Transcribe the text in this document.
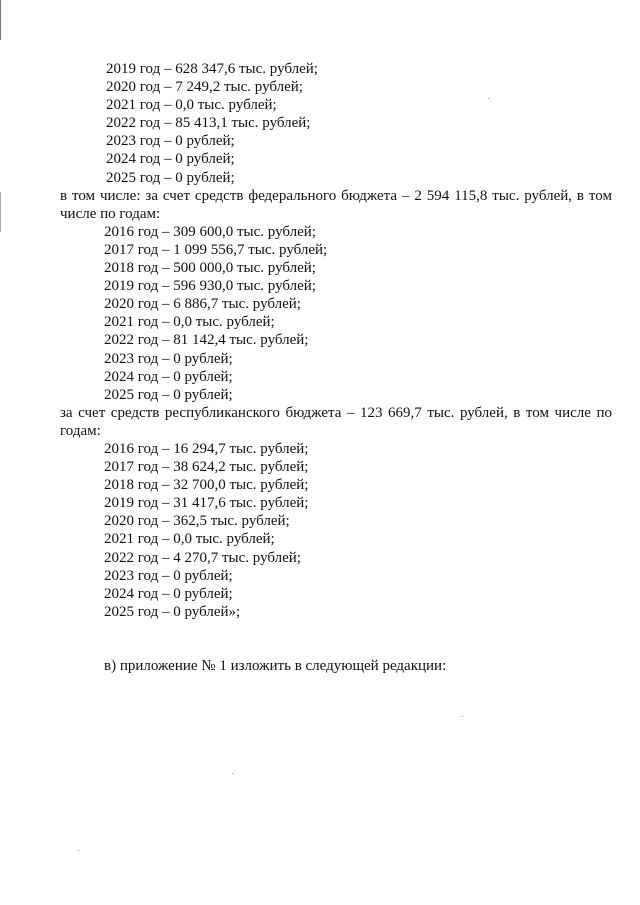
2019 год – 628 347,6 тыс. рублей;

2020 год – 7 249,2 тыс. рублей;

2021 год – 0,0 тыс. рублей;

2022 год – 85 413,1 тыс. рублей;

2023 год – 0 рублей;

2024 год – 0 рублей;

2025 год – 0 рублей;

в том числе: за счет средств федерального бюджета – 2 594 115,8 тыс. рублей, в том числе по годам:

2016 год – 309 600,0 тыс. рублей;

2017 год – 1 099 556,7 тыс. рублей;

2018 год – 500 000,0 тыс. рублей;

2019 год – 596 930,0 тыс. рублей;

2020 год – 6 886,7 тыс. рублей;

2021 год – 0,0 тыс. рублей;

2022 год – 81 142,4 тыс. рублей;

2023 год – 0 рублей;

2024 год – 0 рублей;

2025 год – 0 рублей;

за счет средств республиканского бюджета – 123 669,7 тыс. рублей, в том числе по годам:

2016 год – 16 294,7 тыс. рублей;

2017 год – 38 624,2 тыс. рублей;

2018 год – 32 700,0 тыс. рублей;

2019 год – 31 417,6 тыс. рублей;

2020 год – 362,5 тыс. рублей;

2021 год – 0,0 тыс. рублей;

2022 год – 4 270,7 тыс. рублей;

2023 год – 0 рублей;

2024 год – 0 рублей;

2025 год – 0 рублей»;

в) приложение № 1 изложить в следующей редакции:
